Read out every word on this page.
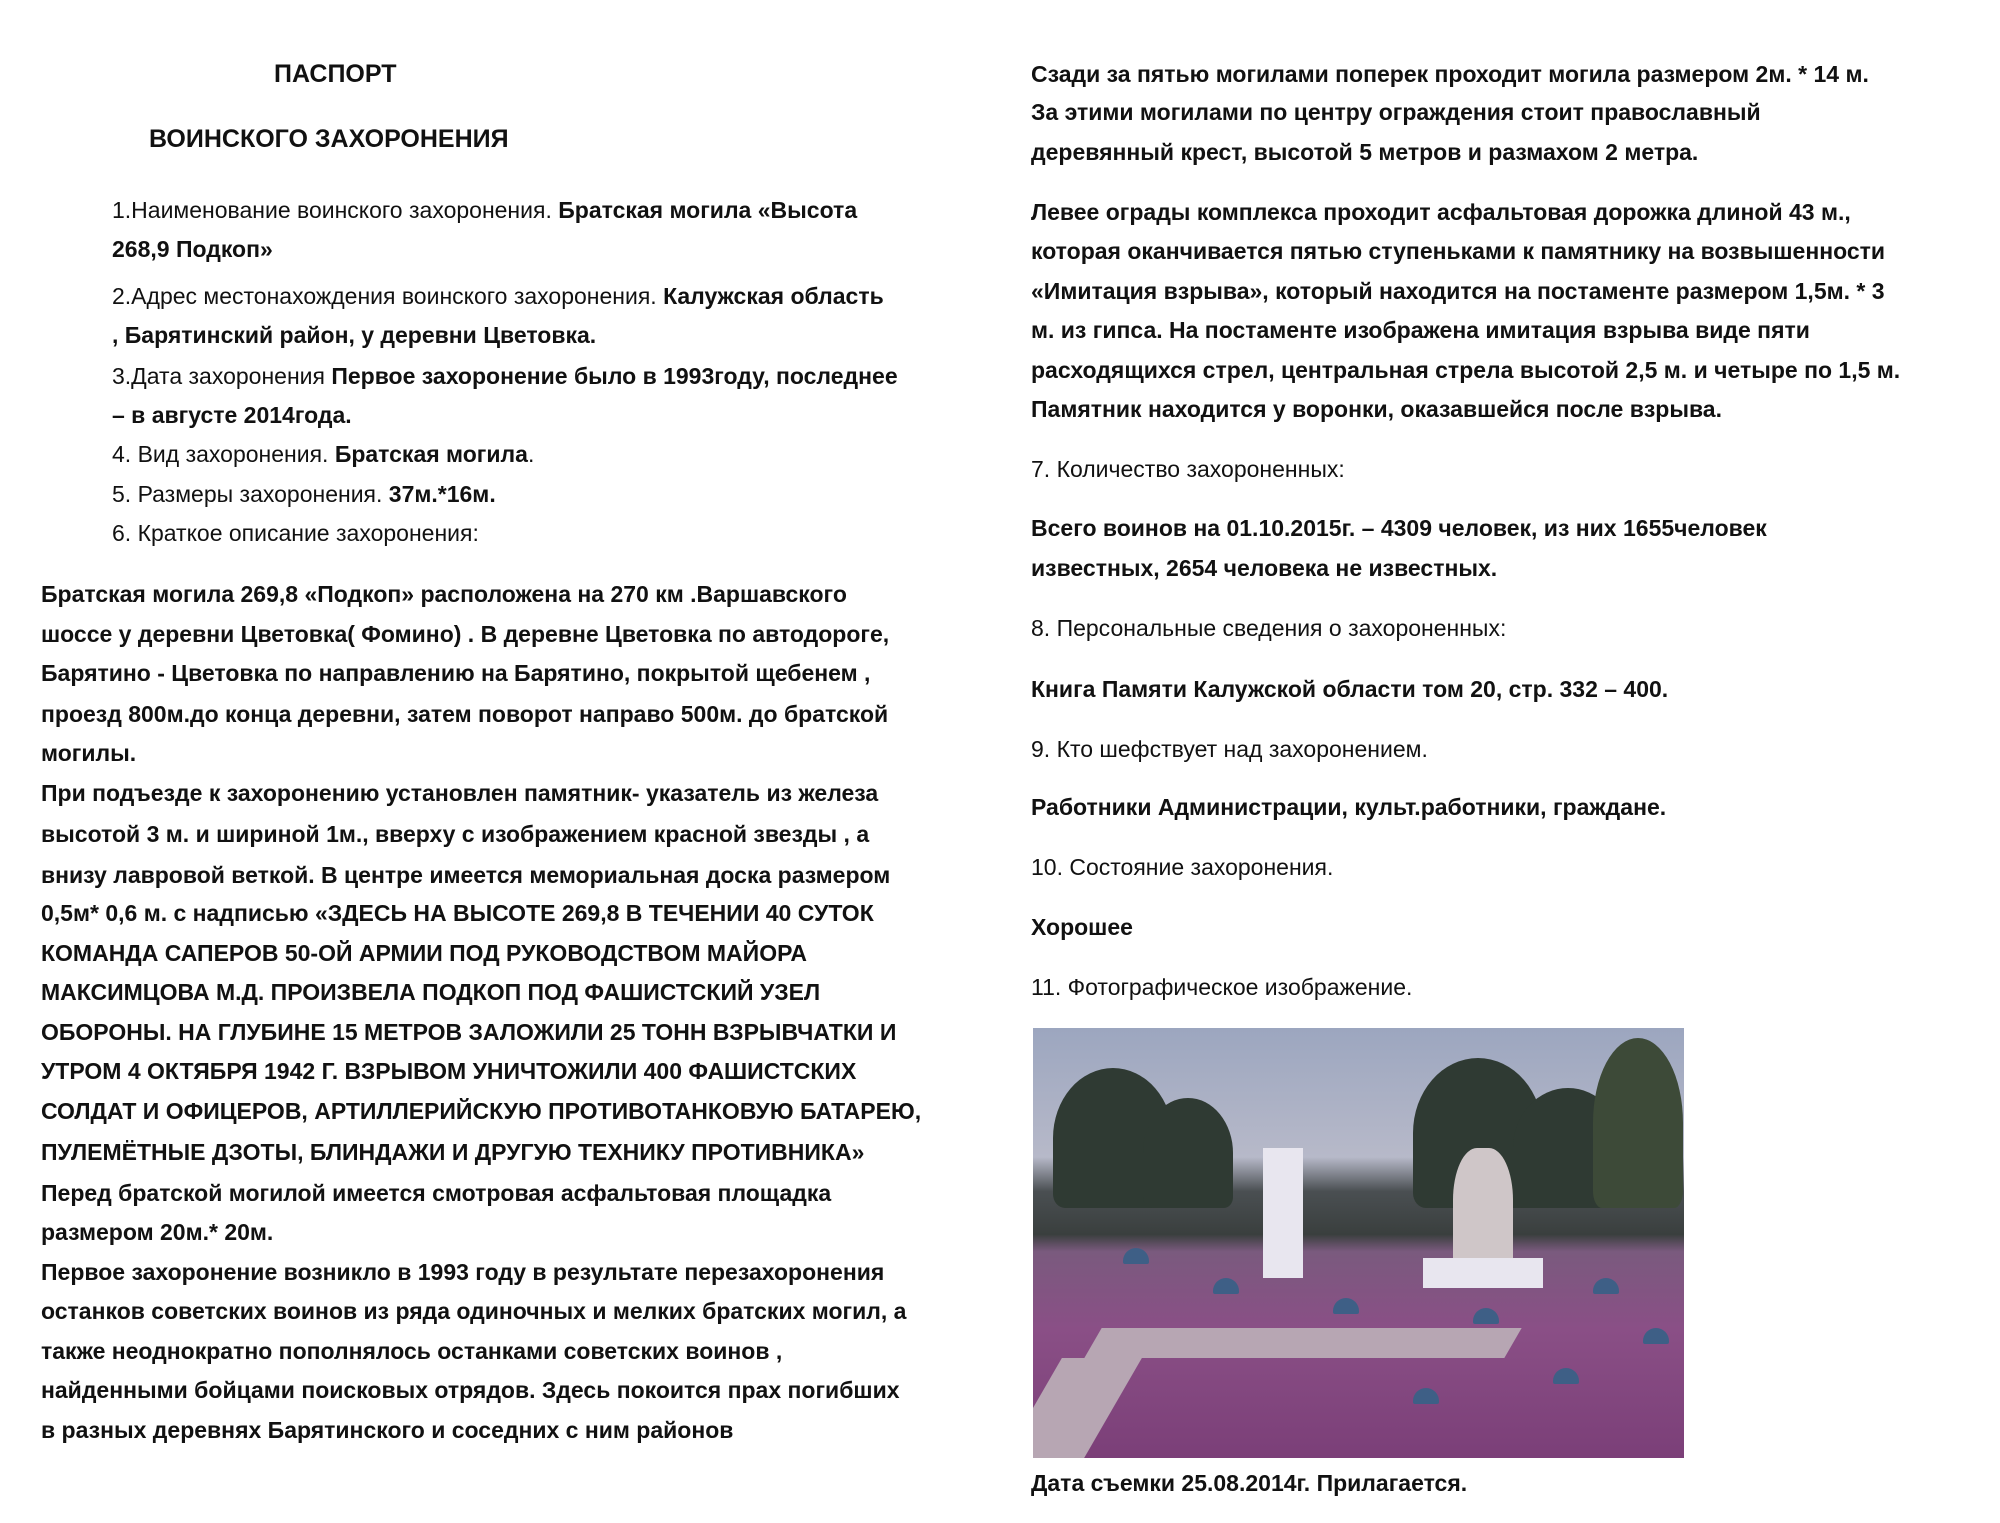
ПАСПОРТ
ВОИНСКОГО ЗАХОРОНЕНИЯ
1.Наименование воинского захоронения. Братская могила «Высота
268,9 Подкоп»
2.Адрес местонахождения воинского захоронения. Калужская область
, Барятинский район, у деревни Цветовка.
3.Дата захоронения Первое захоронение было в 1993году, последнее
– в августе 2014года.
4. Вид захоронения. Братская могила.
5. Размеры захоронения. 37м.*16м.
6. Краткое описание захоронения:
Братская могила 269,8 «Подкоп» расположена на 270 км .Варшавского
шоссе у деревни Цветовка( Фомино) . В деревне Цветовка по автодороге,
Барятино - Цветовка по направлению на Барятино, покрытой щебенем ,
проезд 800м.до конца деревни, затем поворот направо 500м. до братской
могилы.
При подъезде к захоронению установлен памятник- указатель из железа
высотой 3 м. и шириной 1м., вверху с изображением красной звезды , а
внизу лавровой веткой. В центре имеется мемориальная доска размером
0,5м* 0,6 м. с надписью «ЗДЕСЬ НА ВЫСОТЕ 269,8 В ТЕЧЕНИИ 40 СУТОК
КОМАНДА САПЕРОВ 50-ОЙ АРМИИ ПОД РУКОВОДСТВОМ МАЙОРА
МАКСИМЦОВА М.Д. ПРОИЗВЕЛА ПОДКОП ПОД ФАШИСТСКИЙ УЗЕЛ
ОБОРОНЫ. НА ГЛУБИНЕ 15 МЕТРОВ ЗАЛОЖИЛИ 25 ТОНН ВЗРЫВЧАТКИ И
УТРОМ 4 ОКТЯБРЯ 1942 Г. ВЗРЫВОМ УНИЧТОЖИЛИ 400 ФАШИСТСКИХ
СОЛДАТ И ОФИЦЕРОВ, АРТИЛЛЕРИЙСКУЮ ПРОТИВОТАНКОВУЮ БАТАРЕЮ,
ПУЛЕМЁТНЫЕ ДЗОТЫ, БЛИНДАЖИ И ДРУГУЮ ТЕХНИКУ ПРОТИВНИКА»
Перед братской могилой имеется смотровая асфальтовая площадка
размером 20м.* 20м.
Первое захоронение возникло в 1993 году в результате перезахоронения
останков советских воинов из ряда одиночных и мелких братских могил, а
также неоднократно пополнялось останками советских воинов ,
найденными бойцами поисковых отрядов. Здесь покоится прах погибших
в разных деревнях Барятинского и соседних с ним районов
Сзади за пятью могилами поперек проходит могила размером 2м. * 14 м.
За этими могилами по центру ограждения стоит православный
деревянный крест, высотой 5 метров и размахом 2 метра.
Левее ограды комплекса проходит асфальтовая дорожка длиной 43 м.,
которая оканчивается пятью ступеньками к памятнику на возвышенности
«Имитация взрыва», который находится на постаменте размером 1,5м. * 3
м. из гипса. На постаменте изображена имитация взрыва виде пяти
расходящихся стрел, центральная стрела высотой 2,5 м. и четыре по 1,5 м.
Памятник находится у воронки, оказавшейся после взрыва.
7. Количество захороненных:
Всего воинов на 01.10.2015г. – 4309 человек, из них 1655человек
известных, 2654 человека не известных.
8. Персональные сведения о захороненных:
Книга Памяти Калужской области том 20, стр. 332 – 400.
9. Кто шефствует над захоронением.
Работники Администрации, культ.работники, граждане.
10. Состояние захоронения.
Хорошее
11. Фотографическое изображение.
Дата съемки 25.08.2014г. Прилагается.
